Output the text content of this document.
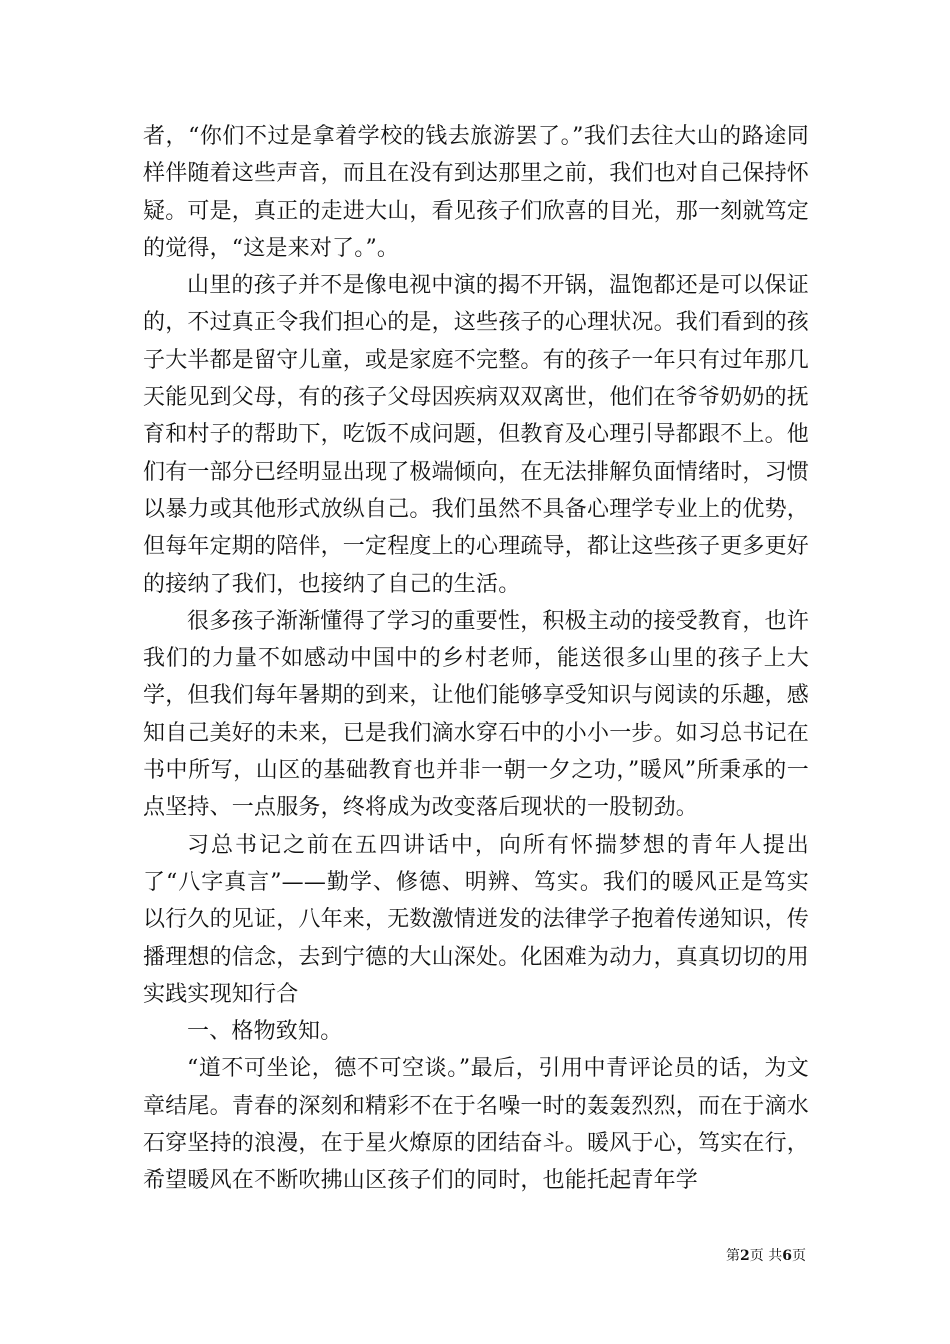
者，“你们不过是拿着学校的钱去旅游罢了。”我们去往大山的路途同样伴随着这些声音，而且在没有到达那里之前，我们也对自己保持怀疑。可是，真正的走进大山，看见孩子们欣喜的目光，那一刻就笃定的觉得，“这是来对了。”。

山里的孩子并不是像电视中演的揭不开锅，温饱都还是可以保证的，不过真正令我们担心的是，这些孩子的心理状况。我们看到的孩子大半都是留守儿童，或是家庭不完整。有的孩子一年只有过年那几天能见到父母，有的孩子父母因疾病双双离世，他们在爷爷奶奶的抚育和村子的帮助下，吃饭不成问题，但教育及心理引导都跟不上。他们有一部分已经明显出现了极端倾向，在无法排解负面情绪时，习惯以暴力或其他形式放纵自己。我们虽然不具备心理学专业上的优势，但每年定期的陪伴，一定程度上的心理疏导，都让这些孩子更多更好的接纳了我们，也接纳了自己的生活。

很多孩子渐渐懂得了学习的重要性，积极主动的接受教育，也许我们的力量不如感动中国中的乡村老师，能送很多山里的孩子上大学，但我们每年暑期的到来，让他们能够享受知识与阅读的乐趣，感知自己美好的未来，已是我们滴水穿石中的小小一步。如习总书记在书中所写，山区的基础教育也并非一朝一夕之功，”暖风”所秉承的一点坚持、一点服务，终将成为改变落后现状的一股韧劲。

习总书记之前在五四讲话中，向所有怀揣梦想的青年人提出了“八字真言”——勤学、修德、明辨、笃实。我们的暖风正是笃实以行久的见证，八年来，无数激情迸发的法律学子抱着传递知识，传播理想的信念，去到宁德的大山深处。化困难为动力，真真切切的用实践实现知行合

一、格物致知。

“道不可坐论，德不可空谈。”最后，引用中青评论员的话，为文章结尾。青春的深刻和精彩不在于名噪一时的轰轰烈烈，而在于滴水石穿坚持的浪漫，在于星火燎原的团结奋斗。暖风于心，笃实在行，希望暖风在不断吹拂山区孩子们的同时，也能托起青年学

第2页 共6页
